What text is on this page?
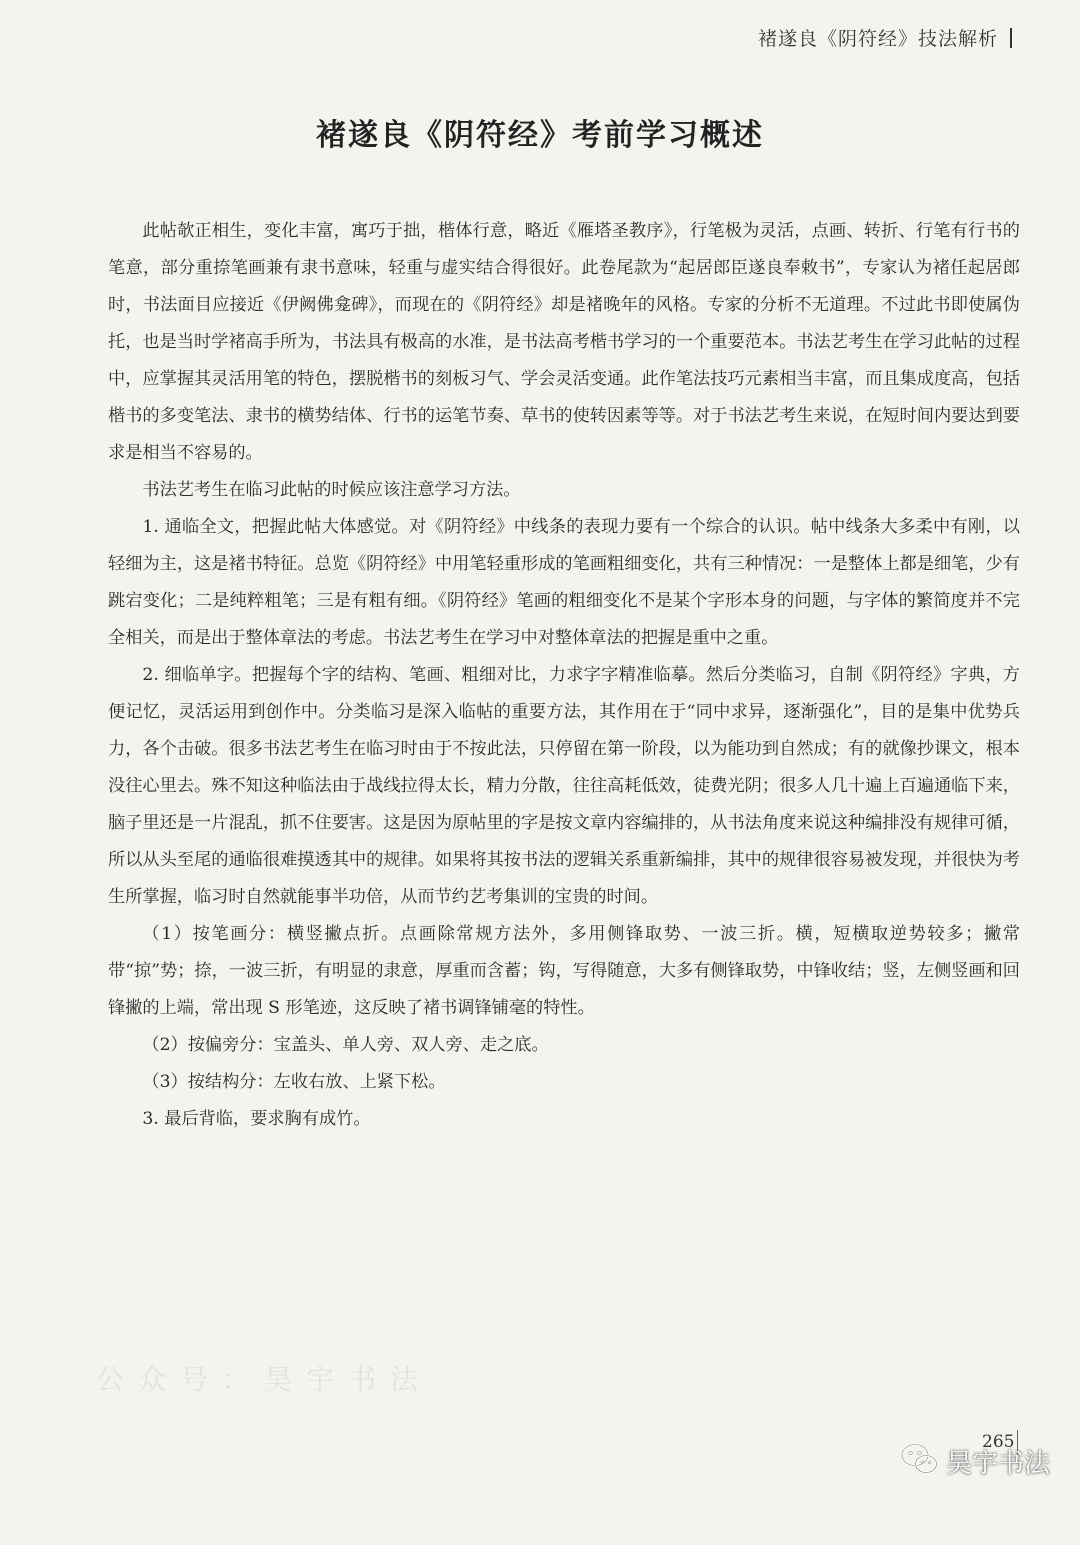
褚遂良《阴符经》技法解析
褚遂良《阴符经》考前学习概述

此帖欹正相生，变化丰富，寓巧于拙，楷体行意，略近《雁塔圣教序》，行笔极为灵活，点画、转折、行笔有行书的笔意，部分重捺笔画兼有隶书意味，轻重与虚实结合得很好。此卷尾款为“起居郎臣遂良奉敕书”，专家认为褚任起居郎时，书法面目应接近《伊阙佛龛碑》，而现在的《阴符经》却是褚晚年的风格。专家的分析不无道理。不过此书即使属伪托，也是当时学褚高手所为，书法具有极高的水准，是书法高考楷书学习的一个重要范本。书法艺考生在学习此帖的过程中，应掌握其灵活用笔的特色，摆脱楷书的刻板习气、学会灵活变通。此作笔法技巧元素相当丰富，而且集成度高，包括楷书的多变笔法、隶书的横势结体、行书的运笔节奏、草书的使转因素等等。对于书法艺考生来说，在短时间内要达到要求是相当不容易的。

书法艺考生在临习此帖的时候应该注意学习方法。

1. 通临全文，把握此帖大体感觉。对《阴符经》中线条的表现力要有一个综合的认识。帖中线条大多柔中有刚，以轻细为主，这是褚书特征。总览《阴符经》中用笔轻重形成的笔画粗细变化，共有三种情况：一是整体上都是细笔，少有跳宕变化；二是纯粹粗笔；三是有粗有细。《阴符经》笔画的粗细变化不是某个字形本身的问题，与字体的繁简度并不完全相关，而是出于整体章法的考虑。书法艺考生在学习中对整体章法的把握是重中之重。

2. 细临单字。把握每个字的结构、笔画、粗细对比，力求字字精准临摹。然后分类临习，自制《阴符经》字典，方便记忆，灵活运用到创作中。分类临习是深入临帖的重要方法，其作用在于“同中求异，逐渐强化”，目的是集中优势兵力，各个击破。很多书法艺考生在临习时由于不按此法，只停留在第一阶段，以为能功到自然成；有的就像抄课文，根本没往心里去。殊不知这种临法由于战线拉得太长，精力分散，往往高耗低效，徒费光阴；很多人几十遍上百遍通临下来，脑子里还是一片混乱，抓不住要害。这是因为原帖里的字是按文章内容编排的，从书法角度来说这种编排没有规律可循，所以从头至尾的通临很难摸透其中的规律。如果将其按书法的逻辑关系重新编排，其中的规律很容易被发现，并很快为考生所掌握，临习时自然就能事半功倍，从而节约艺考集训的宝贵的时间。

（1）按笔画分：横竖撇点折。点画除常规方法外，多用侧锋取势、一波三折。横，短横取逆势较多；撇常带“掠”势；捺，一波三折，有明显的隶意，厚重而含蓄；钩，写得随意，大多有侧锋取势，中锋收结；竖，左侧竖画和回锋撇的上端，常出现 S 形笔迹，这反映了褚书调锋铺毫的特性。

（2）按偏旁分：宝盖头、单人旁、双人旁、走之底。

（3）按结构分：左收右放、上紧下松。

3. 最后背临，要求胸有成竹。

公众号：昊宇书法
265
昊宇书法
